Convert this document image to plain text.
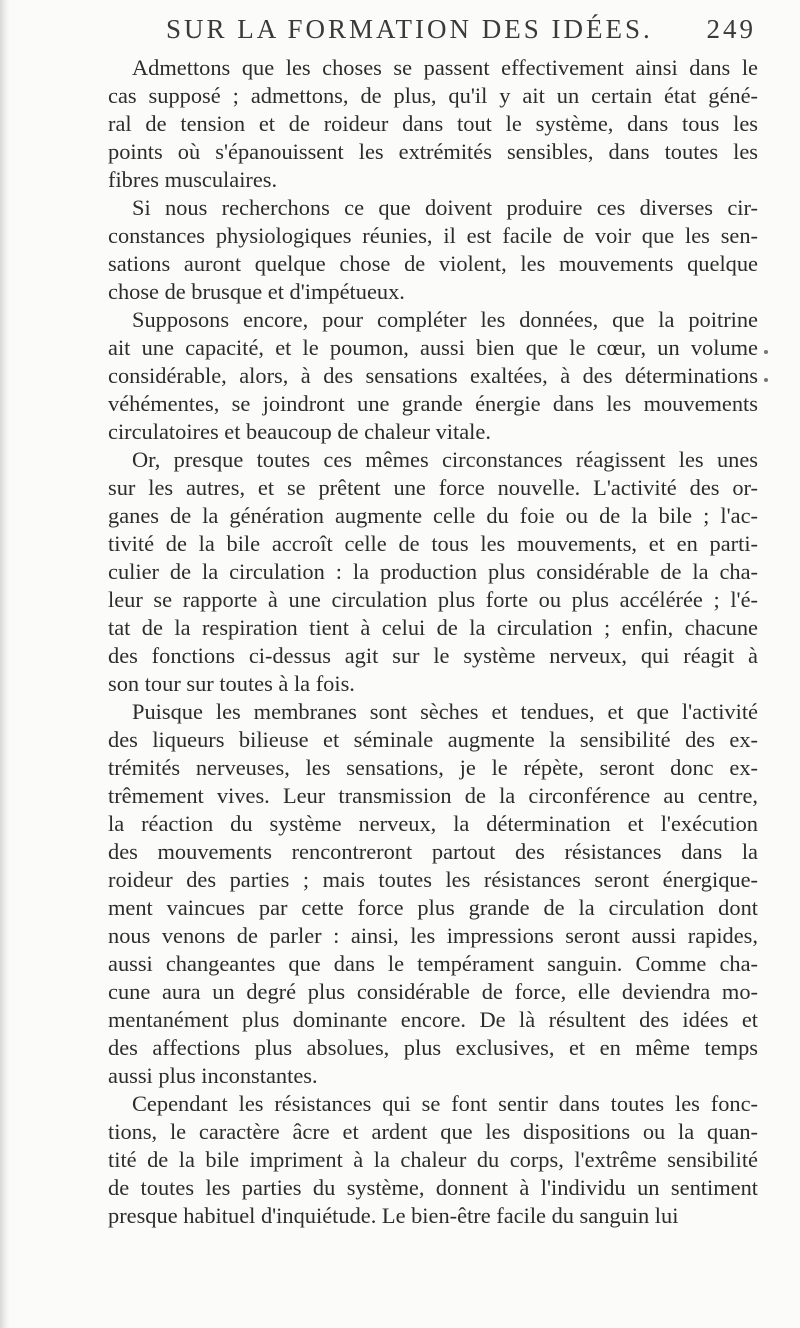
SUR LA FORMATION DES IDÉES. 249
Admettons que les choses se passent effectivement ainsi dans le
cas supposé ; admettons, de plus, qu'il y ait un certain état géné-
ral de tension et de roideur dans tout le système, dans tous les
points où s'épanouissent les extrémités sensibles, dans toutes les
fibres musculaires.
Si nous recherchons ce que doivent produire ces diverses cir-
constances physiologiques réunies, il est facile de voir que les sen-
sations auront quelque chose de violent, les mouvements quelque
chose de brusque et d'impétueux.
Supposons encore, pour compléter les données, que la poitrine
ait une capacité, et le poumon, aussi bien que le cœur, un volume
considérable, alors, à des sensations exaltées, à des déterminations
véhémentes, se joindront une grande énergie dans les mouvements
circulatoires et beaucoup de chaleur vitale.
Or, presque toutes ces mêmes circonstances réagissent les unes
sur les autres, et se prêtent une force nouvelle. L'activité des or-
ganes de la génération augmente celle du foie ou de la bile ; l'ac-
tivité de la bile accroît celle de tous les mouvements, et en parti-
culier de la circulation : la production plus considérable de la cha-
leur se rapporte à une circulation plus forte ou plus accélérée ; l'é-
tat de la respiration tient à celui de la circulation ; enfin, chacune
des fonctions ci-dessus agit sur le système nerveux, qui réagit à
son tour sur toutes à la fois.
Puisque les membranes sont sèches et tendues, et que l'activité
des liqueurs bilieuse et séminale augmente la sensibilité des ex-
trémités nerveuses, les sensations, je le répète, seront donc ex-
trêmement vives. Leur transmission de la circonférence au centre,
la réaction du système nerveux, la détermination et l'exécution
des mouvements rencontreront partout des résistances dans la
roideur des parties ; mais toutes les résistances seront énergique-
ment vaincues par cette force plus grande de la circulation dont
nous venons de parler : ainsi, les impressions seront aussi rapides,
aussi changeantes que dans le tempérament sanguin. Comme cha-
cune aura un degré plus considérable de force, elle deviendra mo-
mentanément plus dominante encore. De là résultent des idées et
des affections plus absolues, plus exclusives, et en même temps
aussi plus inconstantes.
Cependant les résistances qui se font sentir dans toutes les fonc-
tions, le caractère âcre et ardent que les dispositions ou la quan-
tité de la bile impriment à la chaleur du corps, l'extrême sensibilité
de toutes les parties du système, donnent à l'individu un sentiment
presque habituel d'inquiétude. Le bien-être facile du sanguin lui
